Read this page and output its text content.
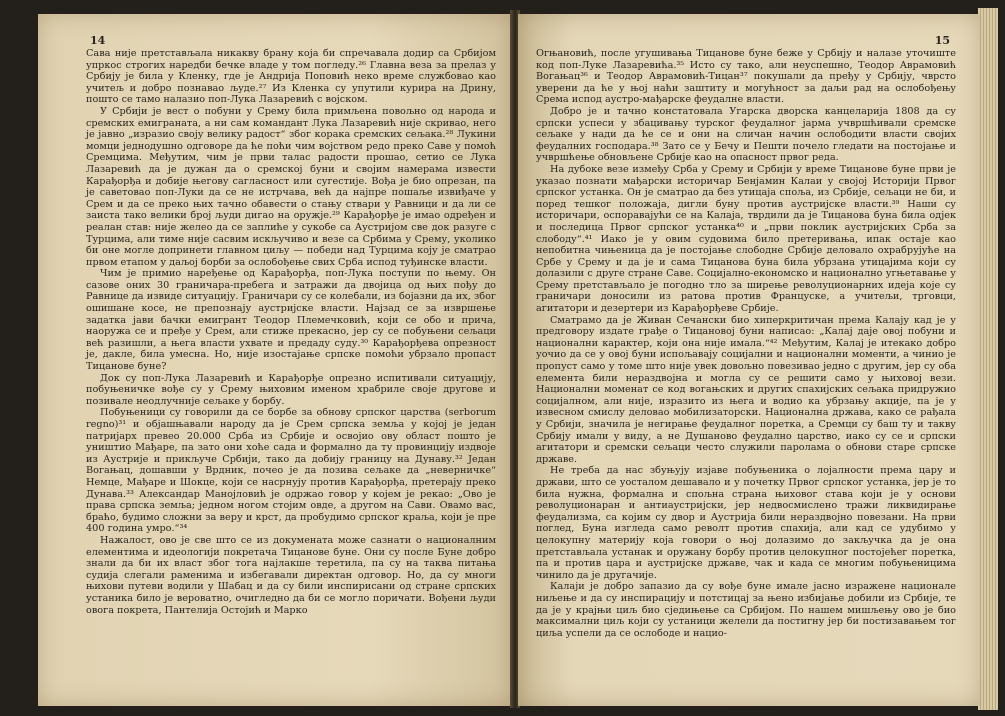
14

Сава није претстављала никакву брану која би спречавала додир са Србијом упркос строгих наредби бечке владе у том погледу.²⁶ Главна веза за прелаз у Србију је била у Кленку, где је Андрија Поповић неко време службовао као учитељ и добро познавао људе.²⁷ Из Кленка су упутили курира на Дрину, пошто се тамо налазио поп-Лука Лазаревић с војском.

У Србији је вест о побуни у Срему била примљена повољно од народа и сремских емиграната, а ни сам командант Лука Лазаревић није скривао, него је јавно „изразио своју велику радост“ због корака сремских сељака.²⁸ Лукини момци једнодушно одговоре да ће поћи чим војством редо преко Саве у помоћ Сремцима. Међутим, чим је први талас радости прошао, сетио се Лука Лазаревић да је дужан да о сремској буни и својим намерама извести Карађорђа и добије његову сагласност или сугестије. Вођа је био опрезан, па је саветовао поп-Луки да се не истрчава, већ да најпре пошаље извиђаче у Срем и да се преко њих тачно обавести о стању ствари у Равници и да ли се заиста тако велики број људи дигао на оружје.²⁹ Карађорђе је имао одређен и реалан став: није желео да се заплиће у сукобе са Аустријом све док разуге с Турцима, али тиме није сасвим искључиво и везе са Србима у Срему, уколико би оне могле допринети главном циљу — победи над Турцима коју је сматрао првом етапом у даљој борби за ослобођење свих Срба испод туђинске власти.

Чим је примио наређење од Карађорђа, поп-Лука поступи по њему. Он сазове оних 30 граничара-пребега и затражи да двојица од њих пођу до Равнице да извиде ситуацију. Граничари су се колебали, из бојазни да их, због ошишане косе, не препознају аустријске власти. Најзад се за извршење задатка јави бачки емигрант Теодор Племечковић, који се обо и прича, наоружа се и пређе у Срем, али стиже прекасно, јер су се побуњени сељаци већ разишли, а њега власти ухвате и предаду суду.³⁰ Карађорђева опрезност је, дакле, била умесна. Но, није изостајање српске помоћи убрзало пропаст Тицанове буне?

Док су поп-Лука Лазаревић и Карађорђе опрезно испитивали ситуацију, побуњеничке вође су у Срему њиховим именом храбриле своје другове и позивале неодлучније сељаке у борбу.

Побуњеници су говорили да се борбе за обнову српског царства (serborum regno)³¹ и објашњавали народу да је Срем српска земља у којој је један патријарх превео 20.000 Срба из Србије и освојио ову област пошто је уништио Мађаре, па зато они хоће сада и формално да ту провинцију издвоје из Аустрије и прикључе Србији, тако да добију границу на Дунаву.³² Један Вогањац, дошавши у Врдник, почео је да позива сељаке да „неверничке“ Немце, Мађаре и Шокце, који се насрнују против Карађорђа, претерају преко Дунава.³³ Александар Маноjловић је одржао говор у којем је рекао: „Ово је права српска земља; једном ногом стојим овде, а другом на Сави. Овамо вас, браћо, будимо сложни за веру и крст, да пробудимо српског краља, који је пре 400 година умро.“³⁴

Нажалост, ово је све што се из докумената може сазнати о националним елементима и идеологији покретача Тицанове буне. Они су после Буне добро знали да би их власт због тога најлакше теретила, па су на таква питања судија слегали раменима и избегавали директан одговор. Но, да су многи њихови путеви водили у Шабац и да су били инспирисани од стране српских устаника било је вероватно, очигледно да би се могло поричати. Вођени људи овога покрета, Пантелија Остојић и Марко

15

Огњановић, после угушивања Тицанове буне беже у Србију и налазе уточиште код поп-Луке Лазаревића.³⁵ Исто су тако, али неуспешно, Теодор Аврамовић Вогањац³⁶ и Теодор Аврамовић-Тицан³⁷ покушали да пређу у Србију, чврсто уверени да ће у њој наћи заштиту и могућност за даљи рад на ослобођењу Срема испод аустро-мађарске феудалне власти.

Добро је и тачно констатовала Угарска дворска канцеларија 1808 да су српски успеси у збацивању турског феудалног јарма учвршћивали сремске сељаке у нади да ће се и они на сличан начин ослободити власти својих феудалних господара.³⁸ Зато се у Бечу и Пешти почело гледати на постојање и учвршћење обновљене Србије као на опасност првог реда.

На дубоке везе између Срба у Срему и Србији у време Тицанове буне први је указао познати мађарски историчар Бенјамин Калаи у својој Историји Првог српског устанка. Он је сматрао да без утицаја споља, из Србије, сељаци не би, и поред тешког положаја, дигли буну против аустријске власти.³⁹ Наши су историчари, оспоравајући се на Калаја, тврдили да је Тицанова буна била одјек и последица Првог српског устанка⁴⁰ и „први поклик аустријских Срба за слободу“.⁴¹ Иако је у овим судовима било претеривања, ипак остаје као непобитна чињеница да је постојање слободне Србије деловало охрабрујуће на Србе у Срему и да је и сама Тицанова буна била убрзана утицајима који су долазили с друге стране Саве. Социјално-економско и национално угњетавање у Срему претстављало је погодно тло за ширење револуционарних идеја које су граничари доносили из ратова против Француске, а учитељи, трговци, агитатори и дезертери из Карађорђеве Србије.

Сматрамо да је Живан Сечански био хиперкритичан према Калају кад је у предговору издате грађе о Тицановој буни написао: „Калај даје овој побуни и национални карактер, који она није имала.“⁴² Међутим, Калај је итекако добро уочио да се у овој буни испољавају социјални и национални моменти, а чиниo је пропуст само у томе што није увек довољно повезивао једно с другим, јер су оба елемента били нераздвојна и могла су се решити само у њиховој вези. Национални моменат се код вогањских и других спахијских сељака придружио социјалном, али није, изразито из њега и водио ка убрзању акције, па је у извесном смислу деловао мобилизаторски. Национална држава, како се рађала у Србији, значила је негирање феудалног поретка, а Сремци су баш ту и такву Србију имали у виду, а не Душаново феудално царство, иако су се и српски агитатори и сремски сељаци често служили паролама о обнови старе српске државе.

Не треба да нас збуњују изјаве побуњеника о лојалности према цару и држави, што се уосталом дешавало и у почетку Првог српског устанка, јер је то била нужна, формална и спољна страна њиховог става који је у основи револуционаран и антиаустријски, јер недвосмислено тражи ликвидирање феудализма, са којим су двор и Аустрија били нераздвојно повезани. На први поглед, Буна изгледа само револт против спахија, али кад се удубимо у целокупну материју која говори о њој долазимо до закључка да је она претстављала устанак и оружану борбу против целокупног постојећег поретка, па и против цара и аустријске државе, чак и када се многим побуњеницима чинило да је другачије.

Калаји је добро запазио да су вође буне имале јасно изражене национале ниљење и да су инспирацију и потстицај за њено избијање добили из Србије, те да је у крајњи циљ био сједињење са Србијом. По нашем мишљењу ово је био максимални циљ који су устаници желели да постигну јер би постизавањем тог циља успели да се ослободе и нацио-
